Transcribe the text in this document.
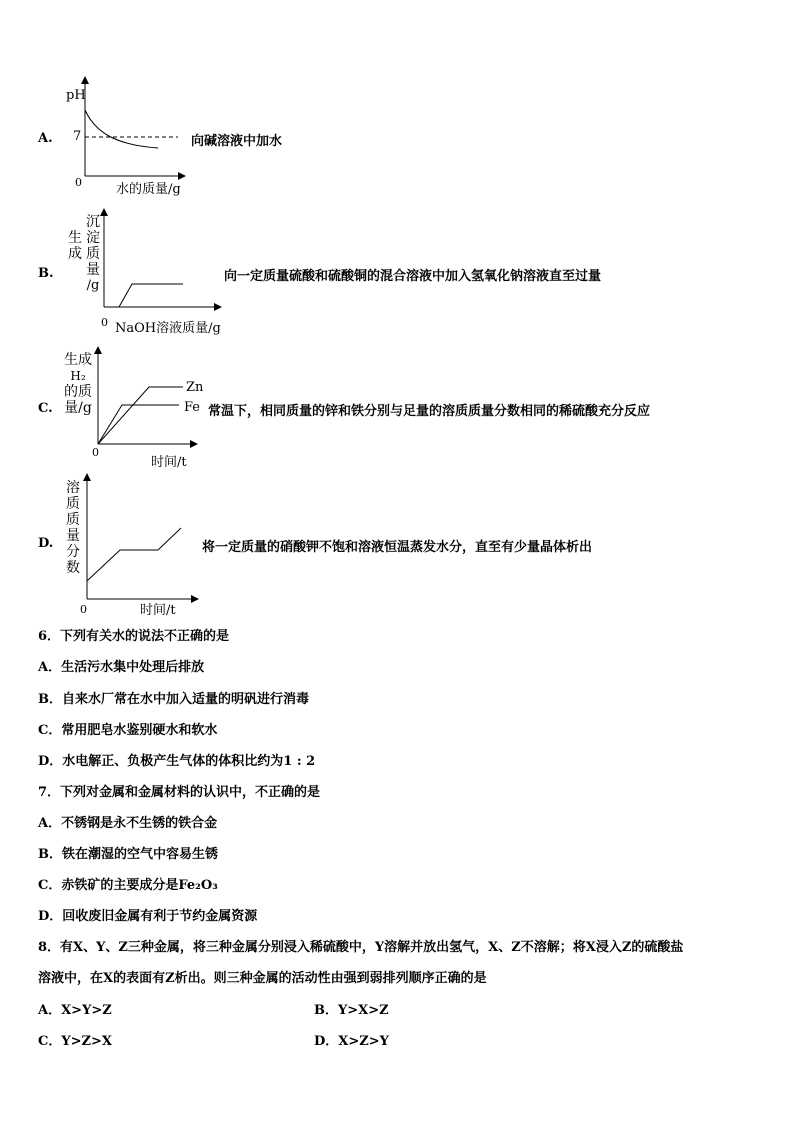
A.
pH
7
0	水的质量/g
向碱溶液中加水
B.
生
成
沉
淀
质
量
/g
0 NaOH溶液质量/g
向一定质量硫酸和硫酸铜的混合溶液中加入氢氧化钠溶液直至过量
C.
生成
H₂
的质
量/g
Zn
Fe
0
时间/t
常温下，相同质量的锌和铁分别与足量的溶质质量分数相同的稀硫酸充分反应
D.
溶
质
质
量
分
数
0	时间/t
将一定质量的硝酸钾不饱和溶液恒温蒸发水分，直至有少量晶体析出
6．下列有关水的说法不正确的是
A．生活污水集中处理后排放
B．自来水厂常在水中加入适量的明矾进行消毒
C．常用肥皂水鉴别硬水和软水
D．水电解正、负极产生气体的体积比约为1 : 2
7．下列对金属和金属材料的认识中，不正确的是
A．不锈钢是永不生锈的铁合金
B．铁在潮湿的空气中容易生锈
C．赤铁矿的主要成分是Fe₂O₃
D．回收废旧金属有利于节约金属资源
8．有X、Y、Z三种金属，将三种金属分别浸入稀硫酸中，Y溶解并放出氢气，X、Z不溶解；将X浸入Z的硫酸盐
溶液中，在X的表面有Z析出。则三种金属的活动性由强到弱排列顺序正确的是
A．X>Y>Z	B．Y>X>Z
C．Y>Z>X	D．X>Z>Y
